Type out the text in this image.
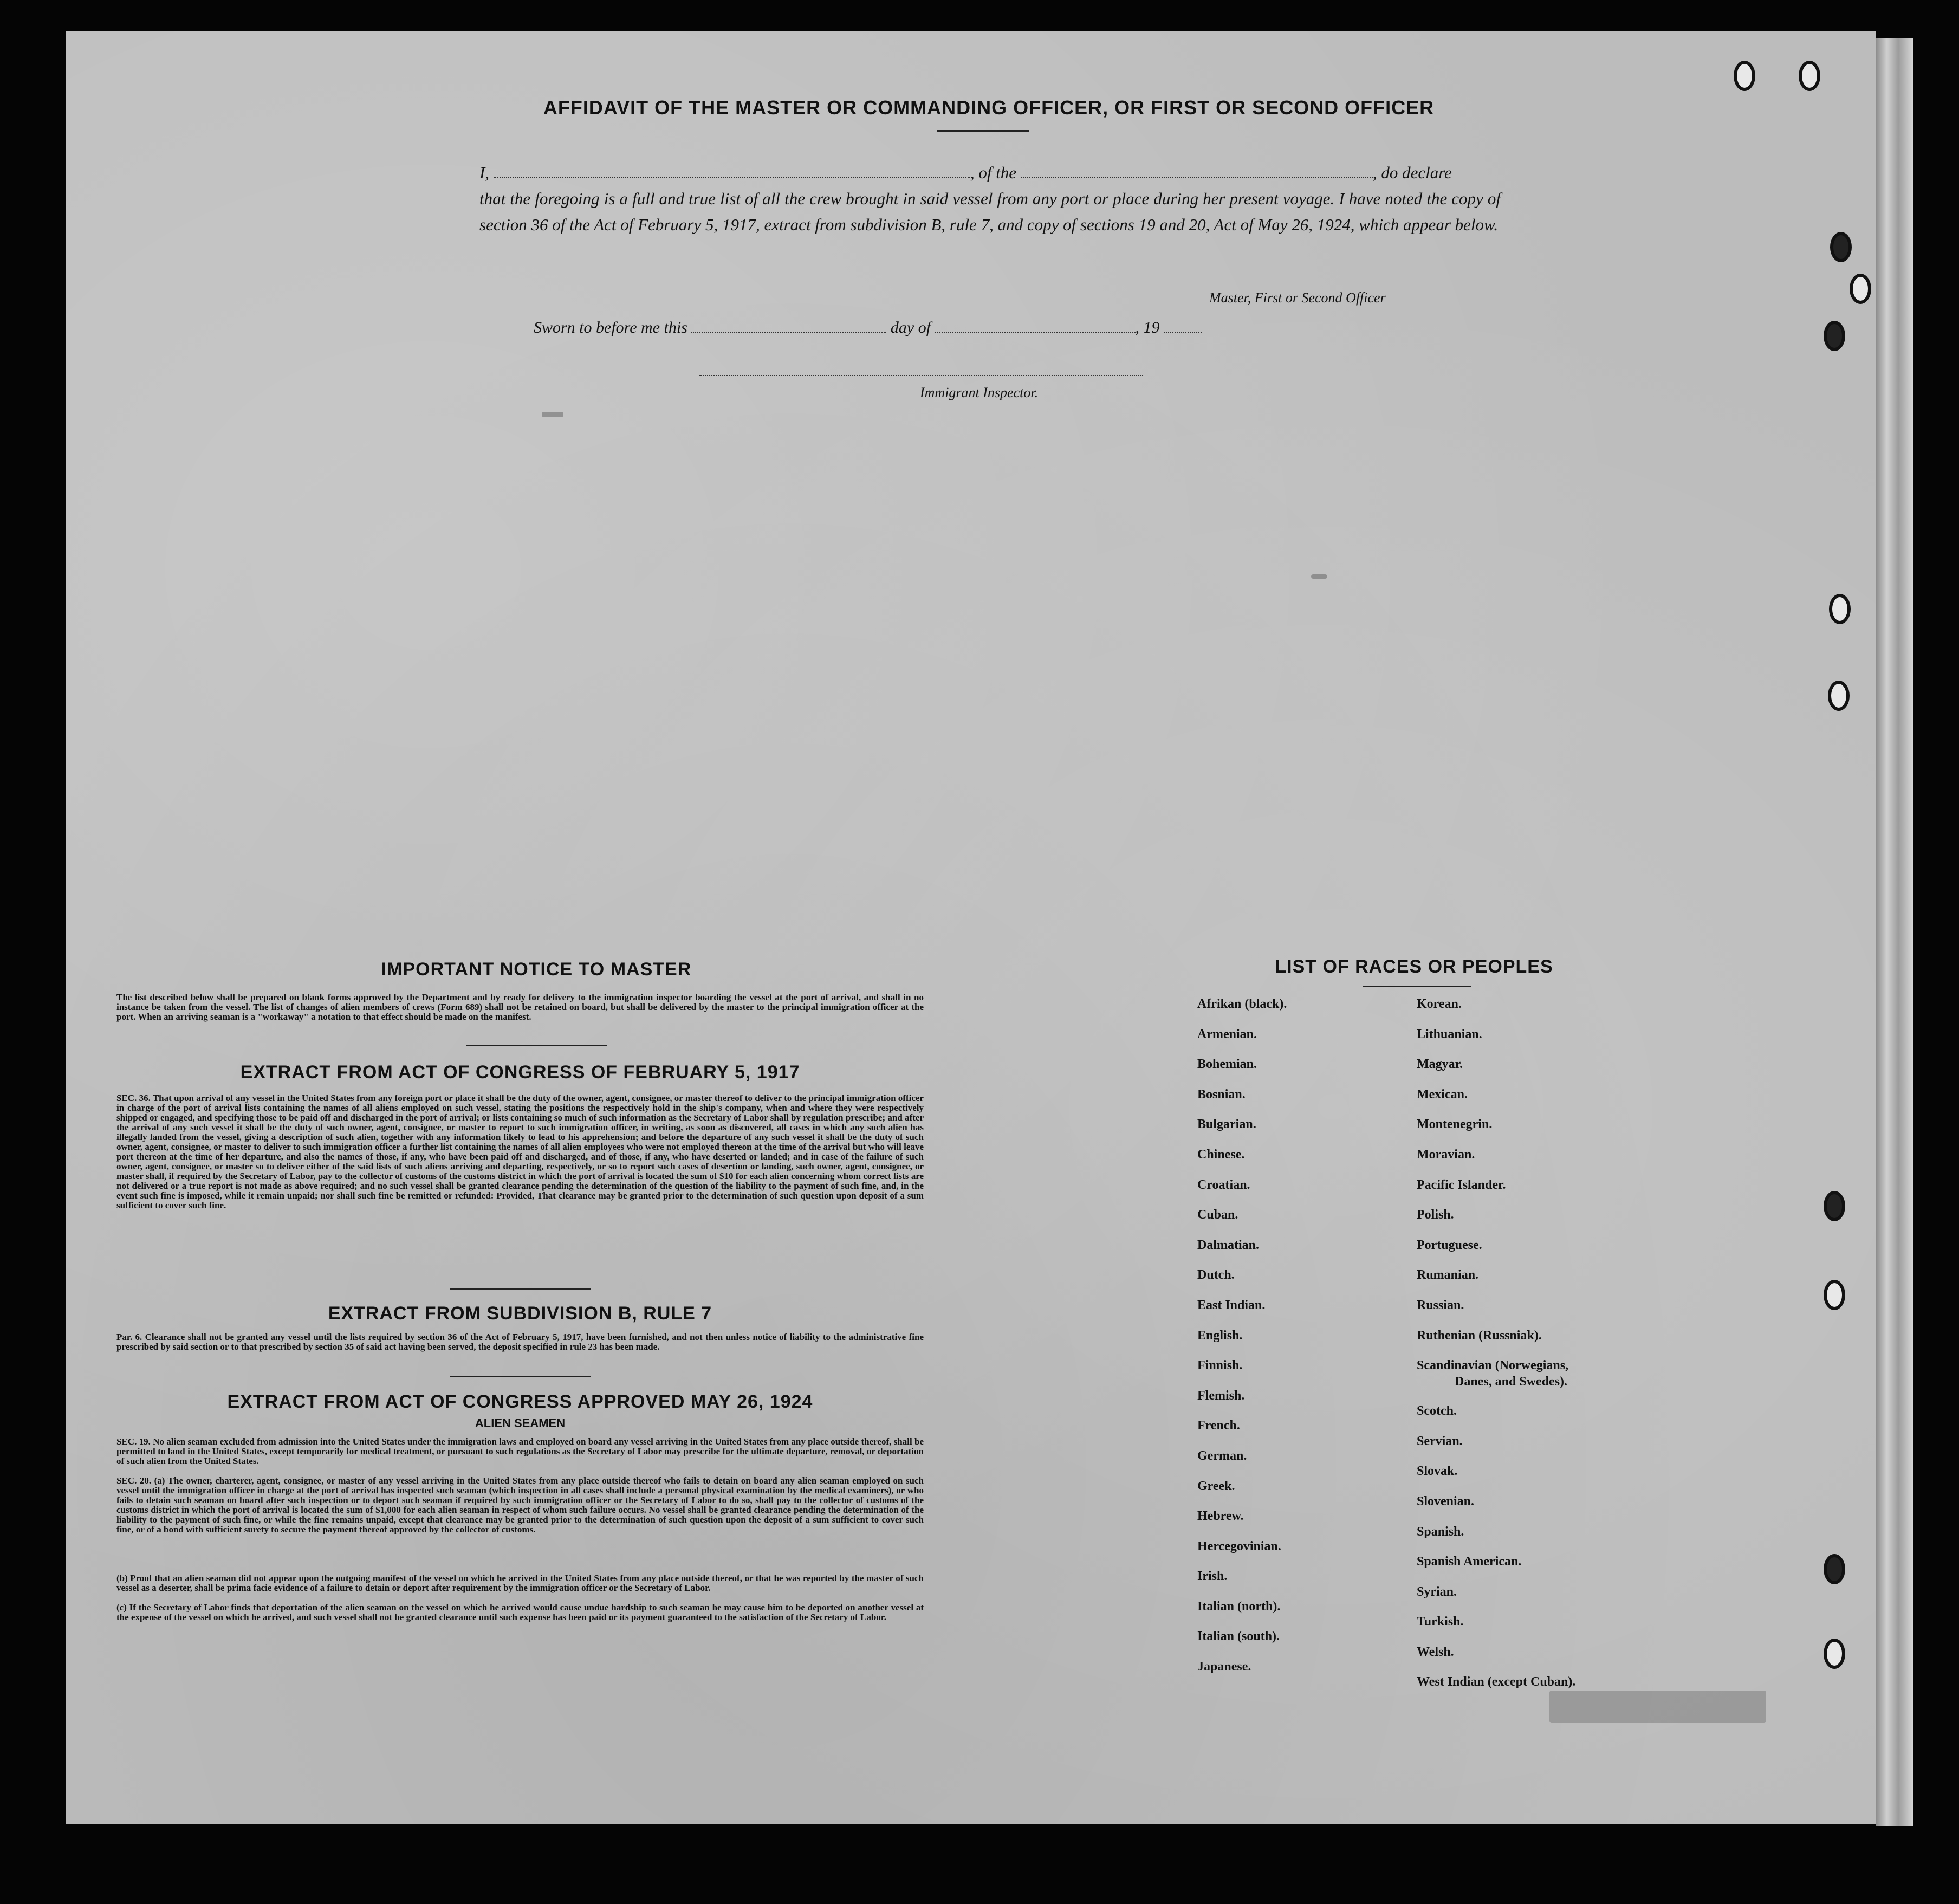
AFFIDAVIT OF THE MASTER OR COMMANDING OFFICER, OR FIRST OR SECOND OFFICER
I,	, of the	, do declare
that the foregoing is a full and true list of all the crew brought in said vessel from any port or place during her present voyage. I have noted the copy of section 36 of the Act of February 5, 1917, extract from subdivision B, rule 7, and copy of sections 19 and 20, Act of May 26, 1924, which appear below.
Master, First or Second Officer
Sworn to before me this	day of	, 19
Immigrant Inspector.
IMPORTANT NOTICE TO MASTER
The list described below shall be prepared on blank forms approved by the Department and by ready for delivery to the immigration inspector boarding the vessel at the port of arrival, and shall in no instance be taken from the vessel. The list of changes of alien members of crews (Form 689) shall not be retained on board, but shall be delivered by the master to the principal immigration officer at the port. When an arriving seaman is a "workaway" a notation to that effect should be made on the manifest.
EXTRACT FROM ACT OF CONGRESS OF FEBRUARY 5, 1917
SEC. 36. That upon arrival of any vessel in the United States from any foreign port or place it shall be the duty of the owner, agent, consignee, or master thereof to deliver to the principal immigration officer in charge of the port of arrival lists containing the names of all aliens employed on such vessel, stating the positions the respectively hold in the ship's company, when and where they were respectively shipped or engaged, and specifying those to be paid off and discharged in the port of arrival; or lists containing so much of such information as the Secretary of Labor shall by regulation prescribe; and after the arrival of any such vessel it shall be the duty of such owner, agent, consignee, or master to report to such immigration officer, in writing, as soon as discovered, all cases in which any such alien has illegally landed from the vessel, giving a description of such alien, together with any information likely to lead to his apprehension; and before the departure of any such vessel it shall be the duty of such owner, agent, consignee, or master to deliver to such immigration officer a further list containing the names of all alien employees who were not employed thereon at the time of the arrival but who will leave port thereon at the time of her departure, and also the names of those, if any, who have been paid off and discharged, and of those, if any, who have deserted or landed; and in case of the failure of such owner, agent, consignee, or master so to deliver either of the said lists of such aliens arriving and departing, respectively, or so to report such cases of desertion or landing, such owner, agent, consignee, or master shall, if required by the Secretary of Labor, pay to the collector of customs of the customs district in which the port of arrival is located the sum of $10 for each alien concerning whom correct lists are not delivered or a true report is not made as above required; and no such vessel shall be granted clearance pending the determination of the question of the liability to the payment of such fine, and, in the event such fine is imposed, while it remain unpaid; nor shall such fine be remitted or refunded: Provided, That clearance may be granted prior to the determination of such question upon deposit of a sum sufficient to cover such fine.
EXTRACT FROM SUBDIVISION B, RULE 7
Par. 6. Clearance shall not be granted any vessel until the lists required by section 36 of the Act of February 5, 1917, have been furnished, and not then unless notice of liability to the administrative fine prescribed by said section or to that prescribed by section 35 of said act having been served, the deposit specified in rule 23 has been made.
EXTRACT FROM ACT OF CONGRESS APPROVED MAY 26, 1924
ALIEN SEAMEN
SEC. 19. No alien seaman excluded from admission into the United States under the immigration laws and employed on board any vessel arriving in the United States from any place outside thereof, shall be permitted to land in the United States, except temporarily for medical treatment, or pursuant to such regulations as the Secretary of Labor may prescribe for the ultimate departure, removal, or deportation of such alien from the United States.
SEC. 20. (a) The owner, charterer, agent, consignee, or master of any vessel arriving in the United States from any place outside thereof who fails to detain on board any alien seaman employed on such vessel until the immigration officer in charge at the port of arrival has inspected such seaman (which inspection in all cases shall include a personal physical examination by the medical examiners), or who fails to detain such seaman on board after such inspection or to deport such seaman if required by such immigration officer or the Secretary of Labor to do so, shall pay to the collector of customs of the customs district in which the port of arrival is located the sum of $1,000 for each alien seaman in respect of whom such failure occurs. No vessel shall be granted clearance pending the determination of the liability to the payment of such fine, or while the fine remains unpaid, except that clearance may be granted prior to the determination of such question upon the deposit of a sum sufficient to cover such fine, or of a bond with sufficient surety to secure the payment thereof approved by the collector of customs.
(b) Proof that an alien seaman did not appear upon the outgoing manifest of the vessel on which he arrived in the United States from any place outside thereof, or that he was reported by the master of such vessel as a deserter, shall be prima facie evidence of a failure to detain or deport after requirement by the immigration officer or the Secretary of Labor.
(c) If the Secretary of Labor finds that deportation of the alien seaman on the vessel on which he arrived would cause undue hardship to such seaman he may cause him to be deported on another vessel at the expense of the vessel on which he arrived, and such vessel shall not be granted clearance until such expense has been paid or its payment guaranteed to the satisfaction of the Secretary of Labor.
LIST OF RACES OR PEOPLES
Afrikan (black).
Armenian.
Bohemian.
Bosnian.
Bulgarian.
Chinese.
Croatian.
Cuban.
Dalmatian.
Dutch.
East Indian.
English.
Finnish.
Flemish.
French.
German.
Greek.
Hebrew.
Hercegovinian.
Irish.
Italian (north).
Italian (south).
Japanese.
Korean.
Lithuanian.
Magyar.
Mexican.
Montenegrin.
Moravian.
Pacific Islander.
Polish.
Portuguese.
Rumanian.
Russian.
Ruthenian (Russniak).
Scandinavian (Norwegians,
Danes, and Swedes).
Scotch.
Servian.
Slovak.
Slovenian.
Spanish.
Spanish American.
Syrian.
Turkish.
Welsh.
West Indian (except Cuban).
